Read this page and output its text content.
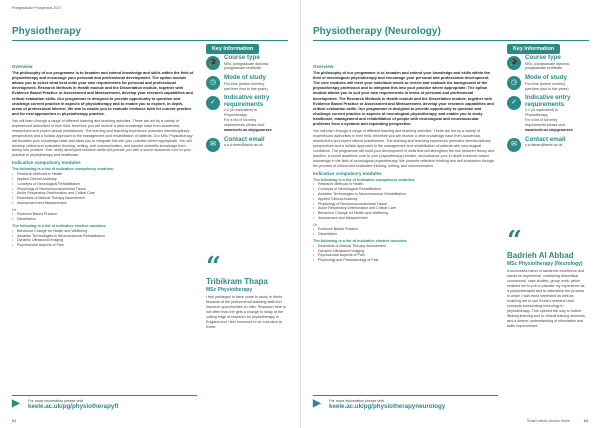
Postgraduate Prospectus 2017
Physiotherapy
Key Information
🎓
Course type
MSc, postgraduate diploma,
postgraduate certificate
◷
Mode of study
Full-time (twelve months),
part-time (two to five years)
✓
Indicative entry requirements
2:2 (or equivalent) in
Physiotherapy
For a list of full entry
requirements please visit:
www.keele.ac.uk/pgcourses
✉
Contact email
s.a.d.three@keele.ac.uk
Overview
The philosophy of our programme is to broaden and extend knowledge and skills within the field of physiotherapy and encourage your personal and professional development. The option module allows you to select what best suits your own requirements for personal and professional development. Research Methods in Health module and the Dissertation module, together with Evidence Based Practice or Assessment and Measurement, develop your research capabilities and critical evaluation skills. Our programme is designed to provide opportunity to question and challenge current practice in aspects of physiotherapy and to enable you to explore, in depth, areas of professional interest. We aim to enable you to evaluate evidence both for current practice and for new approaches in physiotherapy practice.
You will learn through a range of different learning and teaching activities. These are led by a variety of experienced authorities in their field, therefore you will receive a wide knowledge base from academics, researchers and expert clinical practitioners. The learning and teaching experience promotes interdisciplinary perspectives and a holistic approach to the management and rehabilitation of patients. Our MSc Physiotherapy will broaden your knowledge base and allow you to integrate this into your practice where appropriate. You will develop critical and evaluative thinking, writing, and communication, and transfer scientific knowledge from theory into practice. Your newly developed research skills will provide you with a sound academic core to your practice in physiotherapy and healthcare.
Indicative compulsory modules
The following is a list of indicative compulsory modules:
• Research Methods in Health
• Applied Clinical Anatomy
• Concepts of Neurological Rehabilitation
• Physiology of Neuromusculoskeletal Tissue
• Acute Respiratory Deterioration and Critical Care
• Essentials of Manual Therapy Assessment
• Assessment and Measurement
Or
• Evidence Based Practice
• Dissertation
The following is a list of indicative elective modules:
• Behaviour Change for Health and Wellbeing
• Assistive Technologies in Neuromuscular Rehabilitation
• Dynamic Ultrasound Imaging
• Psychosocial Aspects of Pain
“
Tribikram Thapa
MSc Physiotherapy
I feel privileged to have come to study in Keele because of the phenomenal teaching staff and research opportunities on offer. Research here is not often that one gets a change to study at the cutting edge of research for physiotherapy in England and I feel honoured to be a student at Keele.
▶ For more information please visit
keele.ac.uk/pg/physiotherapyft
62
Physiotherapy (Neurology)
Key Information
🎓
Course type
MSc, postgraduate diploma,
postgraduate certificate
◷
Mode of study
Full-time (twelve months),
part-time (two to five years)
✓
Indicative entry requirements
2:2 (or equivalent) in
Physiotherapy
For a list of full entry
requirements please visit:
www.keele.ac.uk/pgcourses
✉
Contact email
s.a.dlimar@keele.ac.uk
Overview
The philosophy of our programme is to broaden and extend your knowledge and skills within the field of neurological physiotherapy and encourage your personal and professional development. The core modules will meet your individual needs to review and evaluate the background of the physiotherapy profession and to integrate this into your practice where appropriate. The option module allows you to suit your own requirements in terms of personal and professional development. The Research Methods in Health module and the Dissertation module, together with Evidence Based Practice or Assessment and Measurement, develop your research capabilities and critical evaluation skills. Our programme is designed to provide opportunity to question and challenge current practice in aspects of neurological physiotherapy, and enable you to study healthcare, management and rehabilitation of people with neurological and neuromuscular problems from a dynamic and expanding perspective.
You will learn through a range of different learning and teaching activities. These are led by a variety of experienced authorities in their field, therefore you will receive a wide knowledge base from academics, researchers and expert clinical practitioners. The learning and teaching experience promotes interdisciplinary perspectives and a holistic approach to the management and rehabilitation of patients with neurological conditions. The programme will build your development of skills that will strengthen the link between theory and practice, a sound academic core to your physiotherapy practice, and advance your in depth evidence based knowledge in the field of neurological physiotherapy. We promote reflective thinking and self-evaluation through the process of critical and evaluative thinking, writing, and communication.
Indicative compulsory modules
The following is a list of indicative compulsory modules:
• Research Methods in Health
• Concepts of Neurological Rehabilitation
• Assistive Technologies in Neuromuscular Rehabilitation
• Applied Clinical Anatomy
• Physiology of Neuromusculoskeletal Tissue
• Acute Respiratory Deterioration and Critical Care
• Behaviour Change for Health and Wellbeing
• Assessment and Measurement
Or
• Evidence Based Practice
• Dissertation
The following is a list of indicative elective modules:
• Essentials of Manual Therapy Assessment
• Dynamic Ultrasound Imaging
• Psychosocial Aspects of Pain
• Physiology and Pharmacology of Pain
“
Badrieh Al Abbad
MSc Physiotherapy (Neurology)
A successful blend of academic excellence and hands on experience, combining theoretical coursework, case studies, group work, which enabled me to put to practise my experience as a physiotherapist and to rationalise the process in which I was most interested as well as enabling me to use Keele's research and concepts surrounding neurology in physiotherapy. This opened the way to further lifelong learning and to clinical training sessions, and a deeper understanding of stimulation and skills improvement.
▶ For more information please visit
keele.ac.uk/pg/physiotherapyneurology
Smart minds choose Keele	63
